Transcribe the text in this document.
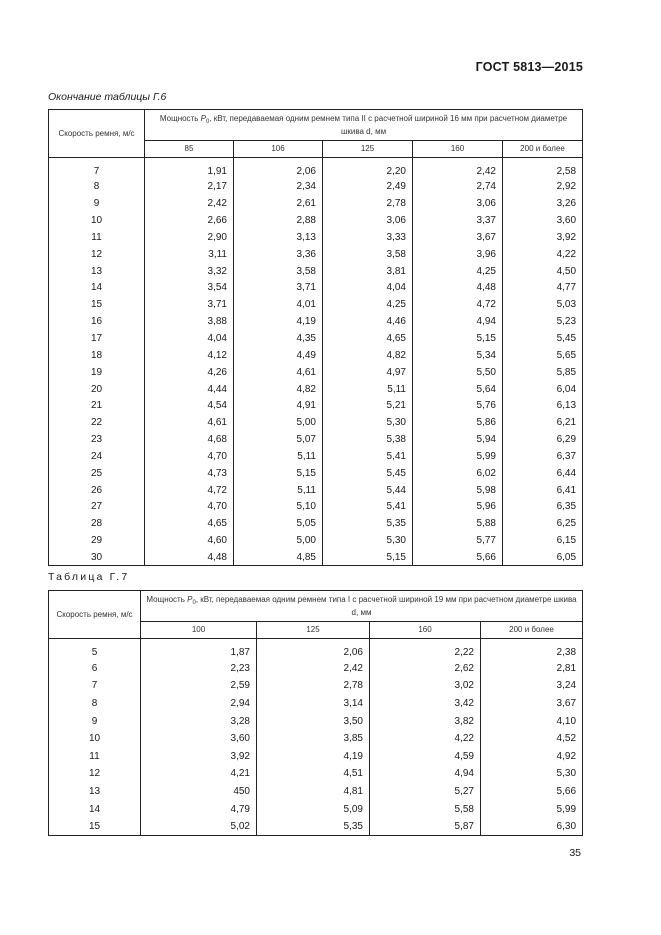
ГОСТ 5813—2015
Окончание таблицы Г.6
Скорость ремня, м/с	Мощность $P_0$, кВт, передаваемая одним ремнем типа II с расчетной шириной 16 мм при расчетном диаметре шкива d, мм				
	85	106	125	160	200 и более
7	1,91	2,06	2,20	2,42	2,58
8	2,17	2,34	2,49	2,74	2,92
9	2,42	2,61	2,78	3,06	3,26
10	2,66	2,88	3,06	3,37	3,60
11	2,90	3,13	3,33	3,67	3,92
12	3,11	3,36	3,58	3,96	4,22
13	3,32	3,58	3,81	4,25	4,50
14	3,54	3,71	4,04	4,48	4,77
15	3,71	4,01	4,25	4,72	5,03
16	3,88	4,19	4,46	4,94	5,23
17	4,04	4,35	4,65	5,15	5,45
18	4,12	4,49	4,82	5,34	5,65
19	4,26	4,61	4,97	5,50	5,85
20	4,44	4,82	5,11	5,64	6,04
21	4,54	4,91	5,21	5,76	6,13
22	4,61	5,00	5,30	5,86	6,21
23	4,68	5,07	5,38	5,94	6,29
24	4,70	5,11	5,41	5,99	6,37
25	4,73	5,15	5,45	6,02	6,44
26	4,72	5,11	5,44	5,98	6,41
27	4,70	5,10	5,41	5,96	6,35
28	4,65	5,05	5,35	5,88	6,25
29	4,60	5,00	5,30	5,77	6,15
30	4,48	4,85	5,15	5,66	6,05
Таблица Г.7
Скорость ремня, м/с	Мощность $P_0$, кВт, передаваемая одним ремнем типа I с расчетной шириной 19 мм при расчетном диаметре шкива d, мм			
	100	125	160	200 и более
5	1,87	2,06	2,22	2,38
6	2,23	2,42	2,62	2,81
7	2,59	2,78	3,02	3,24
8	2,94	3,14	3,42	3,67
9	3,28	3,50	3,82	4,10
10	3,60	3,85	4,22	4,52
11	3,92	4,19	4,59	4,92
12	4,21	4,51	4,94	5,30
13	450	4,81	5,27	5,66
14	4,79	5,09	5,58	5,99
15	5,02	5,35	5,87	6,30
35
